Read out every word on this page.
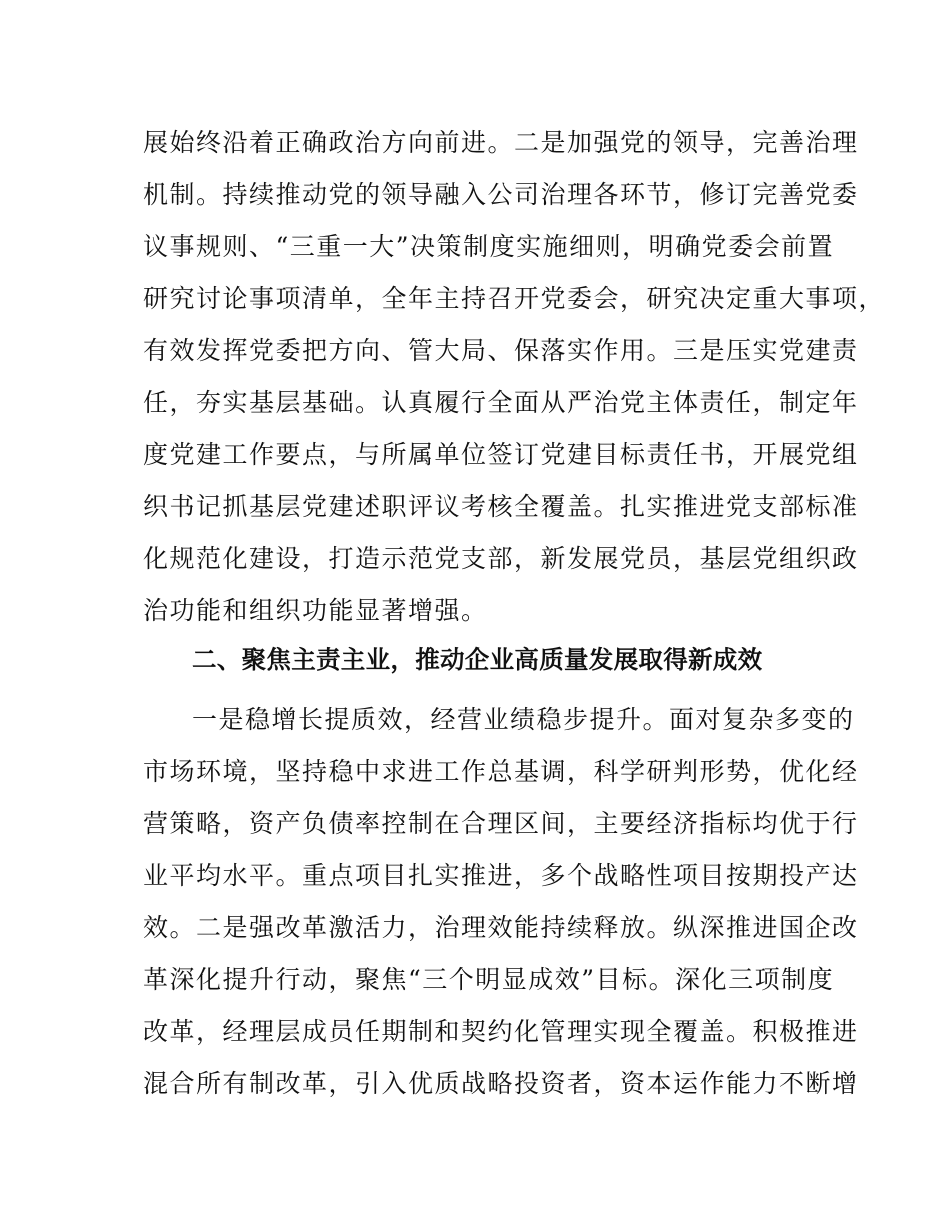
展始终沿着正确政治方向前进。二是加强党的领导，完善治理
机制。持续推动党的领导融入公司治理各环节，修订完善党委
议事规则、“三重一大”决策制度实施细则，明确党委会前置
研究讨论事项清单，全年主持召开党委会，研究决定重大事项，
有效发挥党委把方向、管大局、保落实作用。三是压实党建责
任，夯实基层基础。认真履行全面从严治党主体责任，制定年
度党建工作要点，与所属单位签订党建目标责任书，开展党组
织书记抓基层党建述职评议考核全覆盖。扎实推进党支部标准
化规范化建设，打造示范党支部，新发展党员，基层党组织政
治功能和组织功能显著增强。
二、聚焦主责主业，推动企业高质量发展取得新成效
一是稳增长提质效，经营业绩稳步提升。面对复杂多变的
市场环境，坚持稳中求进工作总基调，科学研判形势，优化经
营策略，资产负债率控制在合理区间，主要经济指标均优于行
业平均水平。重点项目扎实推进，多个战略性项目按期投产达
效。二是强改革激活力，治理效能持续释放。纵深推进国企改
革深化提升行动，聚焦“三个明显成效”目标。深化三项制度
改革，经理层成员任期制和契约化管理实现全覆盖。积极推进
混合所有制改革，引入优质战略投资者，资本运作能力不断增
